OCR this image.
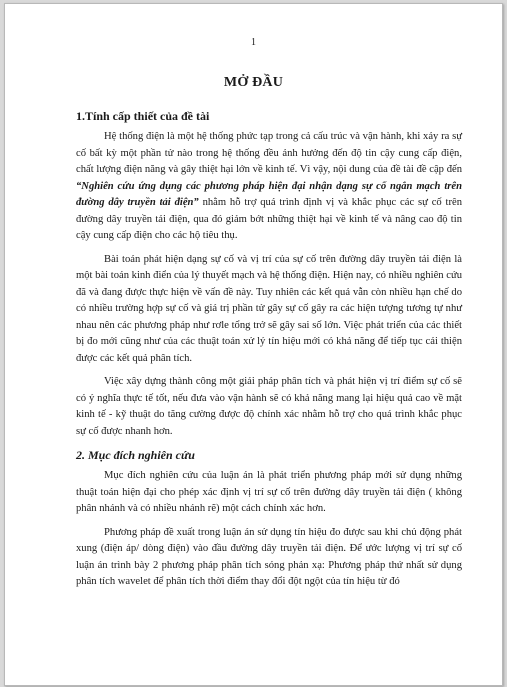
1
MỞ ĐẦU
1.Tính cấp thiết của đề tài

Hệ thống điện là một hệ thống phức tạp trong cả cấu trúc và vận hành, khi xảy ra sự cố bất kỳ một phần tử nào trong hệ thống đều ảnh hưởng đến độ tin cậy cung cấp điện, chất lượng điện năng và gây thiệt hại lớn về kinh tế. Vì vậy, nội dung của đề tài đề cập đến “Nghiên cứu ứng dụng các phương pháp hiện đại nhận dạng sự cố ngắn mạch trên đường dây truyền tải điện” nhằm hỗ trợ quá trình định vị và khắc phục các sự cố trên đường dây truyền tải điện, qua đó giảm bớt những thiệt hại về kinh tế và nâng cao độ tin cậy cung cấp điện cho các hộ tiêu thụ.

Bài toán phát hiện dạng sự cố và vị trí của sự cố trên đường dây truyền tải điện là một bài toán kinh điển của lý thuyết mạch và hệ thống điện. Hiện nay, có nhiều nghiên cứu đã và đang được thực hiện về vấn đề này. Tuy nhiên các kết quả vẫn còn nhiều hạn chế do có nhiều trường hợp sự cố và giá trị phần tử gây sự cố gây ra các hiện tượng tương tự như nhau nên các phương pháp như rơle tổng trở sẽ gây sai số lớn. Việc phát triển của các thiết bị đo mới cũng như của các thuật toán xử lý tín hiệu mới có khả năng để tiếp tục cải thiện được các kết quả phân tích.

Việc xây dựng thành công một giải pháp phân tích và phát hiện vị trí điểm sự cố sẽ có ý nghĩa thực tế tốt, nếu đưa vào vận hành sẽ có khả năng mang lại hiệu quả cao về mặt kinh tế - kỹ thuật do tăng cường được độ chính xác nhằm hỗ trợ cho quá trình khắc phục sự cố được nhanh hơn.

2. Mục đích nghiên cứu

Mục đích nghiên cứu của luận án là phát triển phương pháp mới sử dụng những thuật toán hiện đại cho phép xác định vị trí sự cố trên đường dây truyền tải điện ( không phân nhánh và có nhiều nhánh rẽ) một cách chính xác hơn.

Phương pháp đề xuất trong luận án sử dụng tín hiệu đo được sau khi chủ động phát xung (điện áp/ dòng điện) vào đầu đường dây truyền tải điện. Để ước lượng vị trí sự cố luận án trình bày 2 phương pháp phân tích sóng phản xạ: Phương pháp thứ nhất sử dụng phân tích wavelet để phân tích thời điểm thay đổi đột ngột của tín hiệu từ đó
